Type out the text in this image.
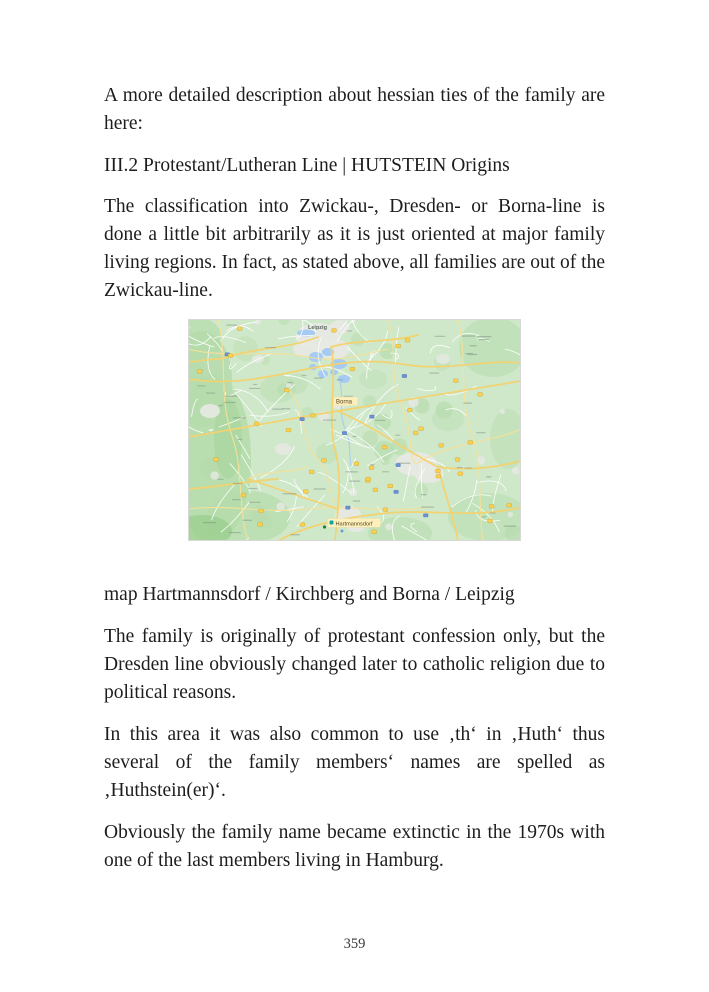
A more detailed description about hessian ties of the family are here:

III.2 Protestant/Lutheran Line | HUTSTEIN Origins

The classification into Zwickau-, Dresden- or Borna-line is done a little bit arbitrarily as it is just oriented at major family living regions. In fact, as stated above, all families are out of the Zwickau-line.

Leipzig
Borna
Hartmannsdorf

map Hartmannsdorf / Kirchberg and Borna / Leipzig

The family is originally of protestant confession only, but the Dresden line obviously changed later to catholic religion due to political reasons.

In this area it was also common to use ‚th‘ in ‚Huth‘ thus several of the family members‘ names are spelled as ‚Huthstein(er)‘.

Obviously the family name became extinctic in the 1970s with one of the last members living in Hamburg.

359
